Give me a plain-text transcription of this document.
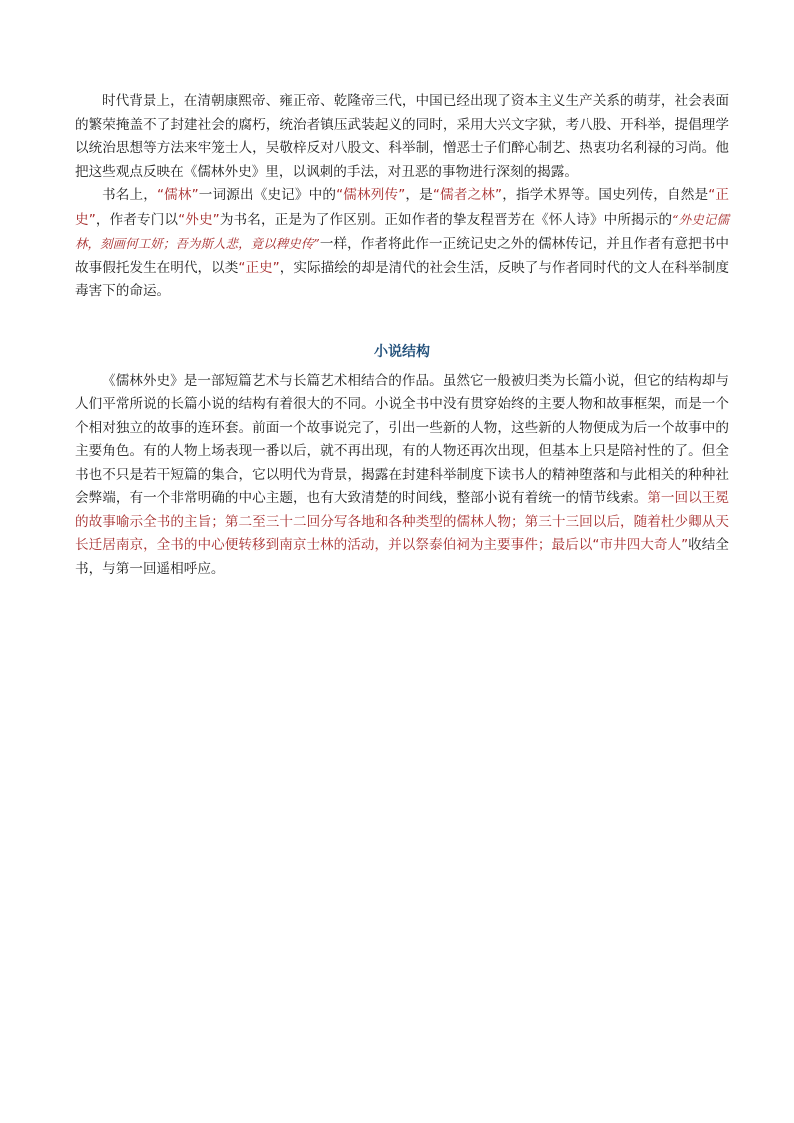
时代背景上，在清朝康熙帝、雍正帝、乾隆帝三代，中国已经出现了资本主义生产关系的萌芽，社会表面的繁荣掩盖不了封建社会的腐朽，统治者镇压武装起义的同时，采用大兴文字狱，考八股、开科举，提倡理学以统治思想等方法来牢笼士人，吴敬梓反对八股文、科举制，憎恶士子们醉心制艺、热衷功名利禄的习尚。他把这些观点反映在《儒林外史》里，以讽刺的手法，对丑恶的事物进行深刻的揭露。

书名上，“儒林”一词源出《史记》中的“儒林列传”，是“儒者之林”，指学术界等。国史列传，自然是“正史”，作者专门以“外史”为书名，正是为了作区别。正如作者的挚友程晋芳在《怀人诗》中所揭示的“外史记儒林，刻画何工妍；吾为斯人悲，竟以稗史传”一样，作者将此作一正统记史之外的儒林传记，并且作者有意把书中故事假托发生在明代，以类“正史”，实际描绘的却是清代的社会生活，反映了与作者同时代的文人在科举制度毒害下的命运。

小说结构

《儒林外史》是一部短篇艺术与长篇艺术相结合的作品。虽然它一般被归类为长篇小说，但它的结构却与人们平常所说的长篇小说的结构有着很大的不同。小说全书中没有贯穿始终的主要人物和故事框架，而是一个个相对独立的故事的连环套。前面一个故事说完了，引出一些新的人物，这些新的人物便成为后一个故事中的主要角色。有的人物上场表现一番以后，就不再出现，有的人物还再次出现，但基本上只是陪衬性的了。但全书也不只是若干短篇的集合，它以明代为背景，揭露在封建科举制度下读书人的精神堕落和与此相关的种种社会弊端，有一个非常明确的中心主题，也有大致清楚的时间线，整部小说有着统一的情节线索。第一回以王冕的故事喻示全书的主旨；第二至三十二回分写各地和各种类型的儒林人物；第三十三回以后，随着杜少卿从天长迁居南京，全书的中心便转移到南京士林的活动，并以祭泰伯祠为主要事件；最后以“市井四大奇人”收结全书，与第一回遥相呼应。
